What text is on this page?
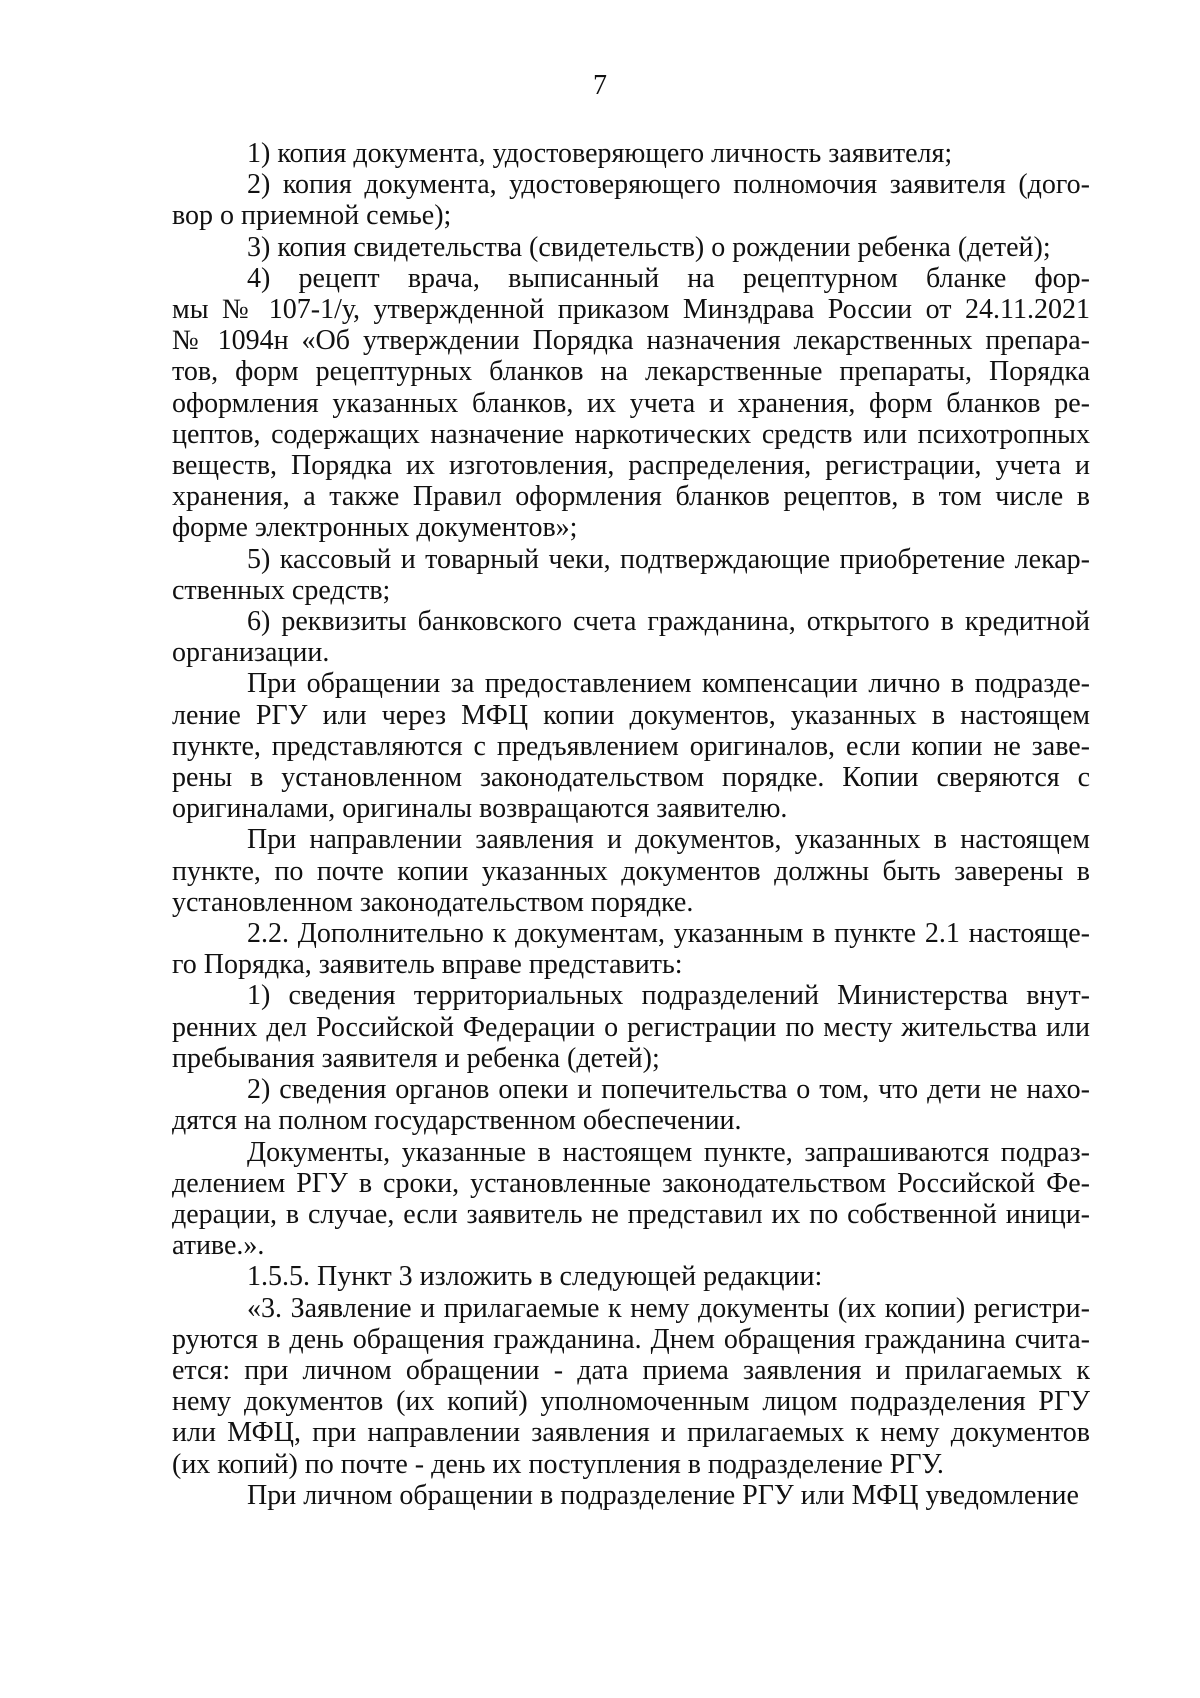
7

1) копия документа, удостоверяющего личность заявителя;

2) копия документа, удостоверяющего полномочия заявителя (дого-
вор о приемной семье);

3) копия свидетельства (свидетельств) о рождении ребенка (детей);

4) рецепт врача, выписанный на рецептурном бланке фор-
мы № 107-1/у, утвержденной приказом Минздрава России от 24.11.2021
№ 1094н «Об утверждении Порядка назначения лекарственных препара-
тов, форм рецептурных бланков на лекарственные препараты, Порядка
оформления указанных бланков, их учета и хранения, форм бланков ре-
цептов, содержащих назначение наркотических средств или психотропных
веществ, Порядка их изготовления, распределения, регистрации, учета и
хранения, а также Правил оформления бланков рецептов, в том числе в
форме электронных документов»;

5) кассовый и товарный чеки, подтверждающие приобретение лекар-
ственных средств;

6) реквизиты банковского счета гражданина, открытого в кредитной
организации.

При обращении за предоставлением компенсации лично в подразде-
ление РГУ или через МФЦ копии документов, указанных в настоящем
пункте, представляются с предъявлением оригиналов, если копии не заве-
рены в установленном законодательством порядке. Копии сверяются с
оригиналами, оригиналы возвращаются заявителю.

При направлении заявления и документов, указанных в настоящем
пункте, по почте копии указанных документов должны быть заверены в
установленном законодательством порядке.

2.2. Дополнительно к документам, указанным в пункте 2.1 настояще-
го Порядка, заявитель вправе представить:

1) сведения территориальных подразделений Министерства внут-
ренних дел Российской Федерации о регистрации по месту жительства или
пребывания заявителя и ребенка (детей);

2) сведения органов опеки и попечительства о том, что дети не нахо-
дятся на полном государственном обеспечении.

Документы, указанные в настоящем пункте, запрашиваются подраз-
делением РГУ в сроки, установленные законодательством Российской Фе-
дерации, в случае, если заявитель не представил их по собственной иници-
ативе.».

1.5.5. Пункт 3 изложить в следующей редакции:

«3. Заявление и прилагаемые к нему документы (их копии) регистри-
руются в день обращения гражданина. Днем обращения гражданина счита-
ется: при личном обращении - дата приема заявления и прилагаемых к
нему документов (их копий) уполномоченным лицом подразделения РГУ
или МФЦ, при направлении заявления и прилагаемых к нему документов
(их копий) по почте - день их поступления в подразделение РГУ.

При личном обращении в подразделение РГУ или МФЦ уведомление
